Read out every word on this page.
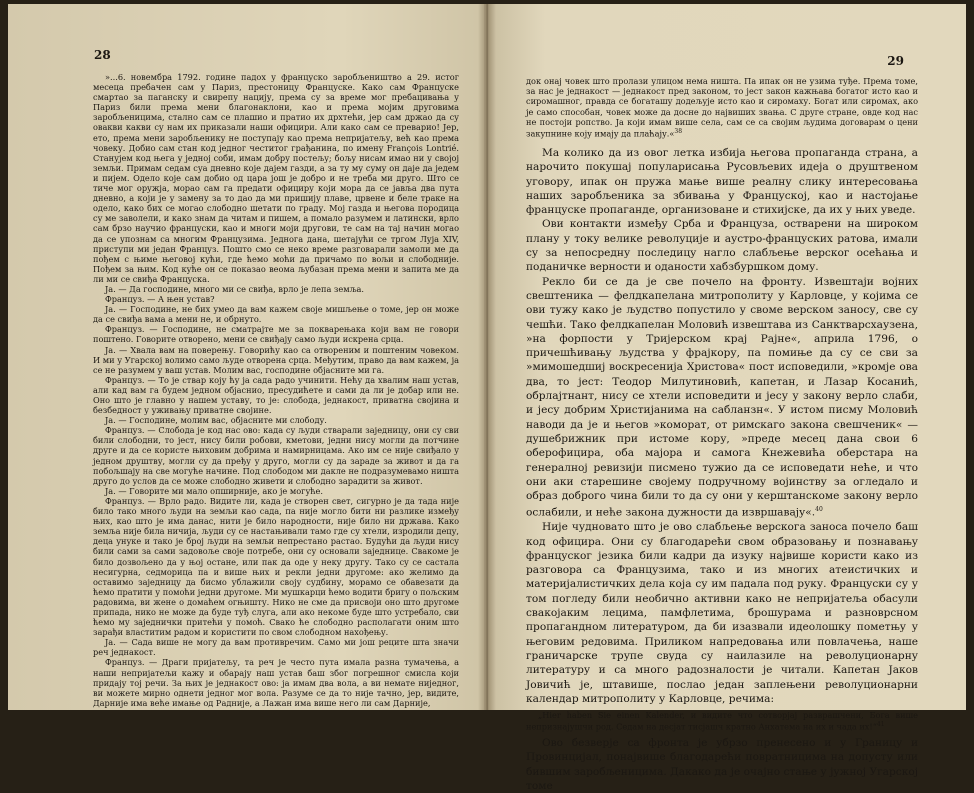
28

»...6. новембра 1792. године падох у француско заробљеништво а 29. истог месеца пребачен сам у Париз, престоницу Француске. Како сам Француске смартао за паганску и свирепу нацију, према су за време мог пребацивања у Париз били према мени благонаклони, као и према мојим друговима заробљеницима, стално сам се плашио и пратио их дрхтећи, јер сам држао да су овакви какви су нам их приказали наши официри. Али како сам се преварио! Јер, ето, према мени заробљенику не поступају као према непријатељу, већ као према човеку. Добио сам стан код једног честитог грађанина, по имену François Lontrié. Станујем код њега у једној соби, имам добру постељу; бољу нисам имао ни у својој земљи. Примам седам суа дневно које дајем газди, а за ту му суму он даје да једем и пијем. Одело које сам добио од цара још је добро и не треба ми друго. Што се тиче мог оружја, морао сам га предати официру који мора да се јавља два пута дневно, а који је у замену за то дао да ми пришију плаве, црвене и беле траке на одело, како бих се могао слободно шетати по граду. Мој газда и његова породица су ме заволели, и како знам да читам и пишем, а помало разумем и латински, врло сам брзо научио француски, као и многи моји другови, те сам на тај начин могао да се упознам са многим Французима. Једнога дана, шетајући се тргом Луја XIV, приступи ми један Француз. Пошто смо се неко време разговарали замоли ме да пођем с њиме његовој кући, где ћемо моћи да причамо по вољи и слободније. Пођем за њим. Код куће он се показао веома љубазан према мени и запита ме да ли ми се свиђа Француска.

Ја. — Да господине, много ми се свиђа, врло је лепа земља.

Француз. — А њен устав?

Ја. — Господине, не бих умео да вам кажем своје мишљење о томе, јер он може да се свиђа вама а мени не, и обрнуто.

Француз. — Господине, не сматрајте ме за покварењака који вам не говори поштено. Говорите отворено, мени се свиђају само људи искрена срца.

Ја. — Хвала вам на поверењу. Говорићу као са отвореним и поштеним човеком. И ми у Угарској волимо само људе отворена срца. Међутим, право да вам кажем, ја се не разумем у ваш устав. Молим вас, господине објасните ми га.

Француз. — То је ствар коју ћу ја сада радо учинити. Нећу да хвалим наш устав, али кад вам га будем једном објаснио, пресудићете и сами да ли је добар или не. Оно што је главно у нашем уставу, то је: слобода, једнакост, приватна својина и безбедност у уживању приватне својине.

Ја. — Господине, молим вас, објасните ми слободу.

Француз. — Слобода је код нас ово: када су људи стварали заједницу, они су сви били слободни, то јест, нису били робови, кметови, једни нису могли да потчине друге и да се користе њиховим добрима и намирницама. Ако им се није свиђало у једном друштву, могли су да пређу у друго, могли су да зараде за живот и да га побољшају на све могуће начине. Под слободом ми дакле не подразумевамо ништа друго до услов да се може слободно живети и слободно зарадити за живот.

Ја. — Говорите ми мало опширније, ако је могуће.

Француз. — Врло радо. Видите ли, када је створен свет, сигурно је да тада није било тако много људи на земљи као сада, па није могло бити ни разлике између њих, као што је има данас, нити је било народности, није било ни држава. Како земља није била ничија, људи су се настањивали тамо где су хтели, изродили децу, деца унуке и тако је број људи на земљи непрестано растао. Будући да људи нису били сами за сами задовоље своје потребе, они су основали заједнице. Свакоме је било дозвољено да у њој остане, или пак да оде у неку другу. Тако су се састала несигурна, седморица па и више њих и рекли једни другоме: ако желимо да оставимо заједницу да бисмо ублажили своју судбину, морамо се обавезати да ћемо пратити у помоћи једни другоме. Ми мушкарци ћемо водити бригу о пољским радовима, ви жене о домаћем огњишту. Нико не сме да присвоји оно што другоме припада, нико не може да буде туђ слуга, али ако некоме буде што устребало, сви ћемо му заједнички притећи у помоћ. Свако ће слободно располагати оним што зарађи властитим радом и користити по свом слободном нахођењу.

Ја. — Сада више не могу да вам противречим. Само ми још реците шта значи реч једнакост.

Француз. — Драги пријатељу, та реч је често пута имала разна тумачења, а наши непријатељи кажу и обарају наш устав баш због погрешног смисла који придају тој речи. За њих је једнакост ово: ја имам два вола, а ви немате ниједног, ви можете мирно однети једног мог вола. Разуме се да то није тачно, јер, видите, Дарније има веће имање од Радније, а Лажан има више него ли сам Дарније,

29

док онај човек што пролази улицом нема ништа. Па ипак он не узима туђе. Према томе, за нас је једнакост — једнакост пред законом, то јест закон кажњава богатог исто као и сиромашног, правда се богаташу додељује исто као и сиромаху. Богат или сиромах, ако је само способан, човек може да досне до највиших звања. С друге стране, овде код нас не постоји ропство. Ја који имам више села, сам се са својим људима договарам о цени закупнине коју имају да плаћају.«$^{38}$

Ма колико да из овог летка избија његова пропаганда страна, а нарочито покушај популарисања Русовљевих идеја о друштвеном уговору, ипак он пружа мање више реалну слику интересовања наших заробљеника за збивања у Француској, као и настојање француске пропаганде, организоване и стихијске, да их у њих уведе.

Ови контакти између Срба и Француза, остварени на широком плану у току велике револуције и аустро-француских ратова, имали су за непосредну последицу нагло слабљење верског осећања и поданичке верности и оданости хабзбуршком дому.

Рекло би се да је све почело на фронту. Извештаји војних свештеника — фелдкапелана митрополиту у Карловце, у којима се ови тужу како је људство попустило у своме верском заносу, све су чешћи. Тако фелдкапелан Моловић извештава из Санктварсхаузена, »на форпости у Тријерском крај Рајне«, априла 1796, о причешћивању људства у фрајкору, па помиње да су се сви за »мимошедшиј воскресенија Христова« пост исповедили, »кромје ова два, то јест: Теодор Милутиновић, капетан, и Лазар Косанић, обрлајтнант, нису се хтели исповедити и јесу у закону верло слаби, и јесу добрим Христијанима на сабланзн«. У истом писму Моловић наводи да је и његов »коморат, от римскаго закона свешченик« — душебрижник при истоме кору, »преде месец дана свои 6 оберофицира, оба мајора и самога Кнежевића оберстара на генералној ревизији писмено тужио да се исповедати неће, и что они аки старешине својему подручному војинству за огледало и образ доброго чина били то да су они у керштанскоме закону верло ослабили, и неће закона дужности да извршавају«.$^{40}$

Није чудновато што је ово слабљење верскога заноса почело баш код официра. Они су благодарећи свом образовању и познавању француског језика били кадри да изуку највише користи како из разговора са Французима, тако и из многих атеистичких и материјалистичких дела која су им падала под руку. Француски су у том погледу били необично активни како не непријатеља обасули свакојаким лецима, памфлетима, брошурама и разноврсном пропагандном литературом, да би изазвали идеолошку пометњу у његовим редовима. Приликом напредовања или повлачења, наше граничарске трупе свуда су наилазиле на револуционарну литературу и са много радозналости је читали. Капетан Јаков Јовичић је, штавише, послао један заплењени револуционарни календар митрополиту у Карловце, речима:

„Hier haben Sie einen Kalender, и видите что сотворјај разврашчени, Бога више непризнајушчи род. Седам на десјат тисјашч кратно Анхатема на их и чада их!“$^{41}$

Ово безверје са фронта је убрзо пренесено и у Границу и Провинцијал, понајвише благодарећи повратницима на допусту или бившим заробљеницима. Дакако да је очајно стање у јужној Угарској томе
